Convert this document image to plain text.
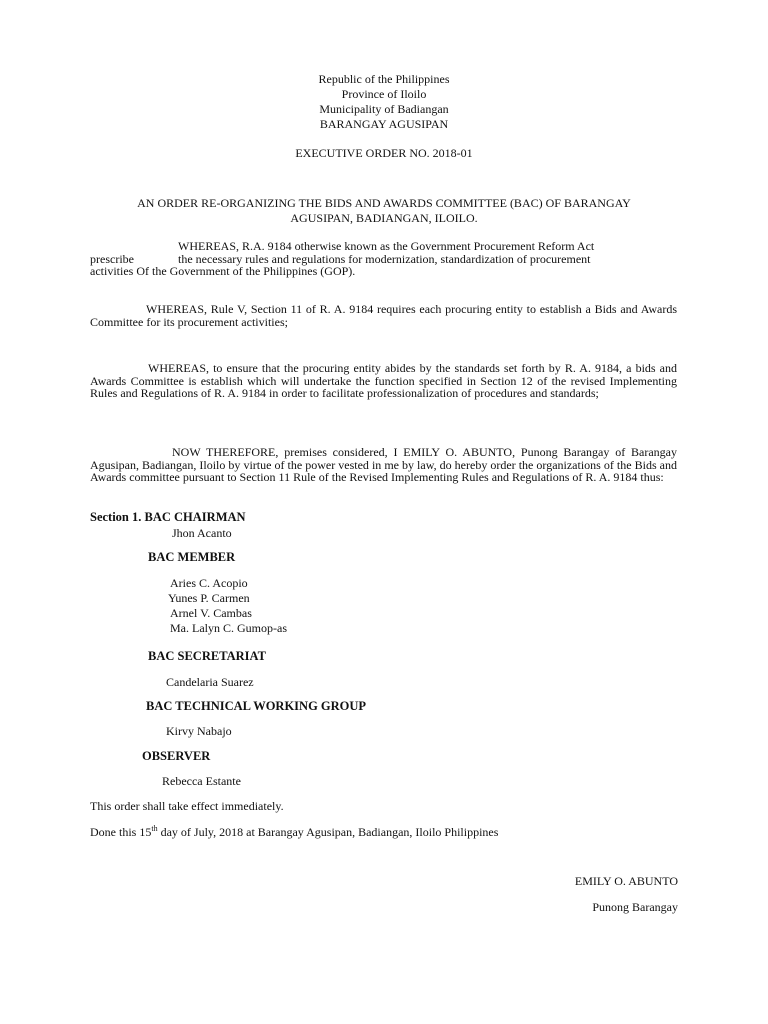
Republic of the Philippines
Province of Iloilo
Municipality of Badiangan
BARANGAY AGUSIPAN
EXECUTIVE ORDER NO. 2018-01
AN ORDER RE-ORGANIZING THE BIDS AND AWARDS COMMITTEE (BAC) OF BARANGAY
AGUSIPAN, BADIANGAN, ILOILO.
WHEREAS, R.A. 9184 otherwise known as the Government Procurement Reform Act
prescribe	the necessary rules and regulations for modernization, standardization of procurement
activities Of the Government of the Philippines (GOP).

WHEREAS, Rule V, Section 11 of R. A. 9184 requires each procuring entity to establish a Bids and Awards Committee for its procurement activities;

WHEREAS, to ensure that the procuring entity abides by the standards set forth by R. A. 9184, a bids and Awards Committee is establish which will undertake the function specified in Section 12 of the revised Implementing Rules and Regulations of R. A. 9184 in order to facilitate professionalization of procedures and standards;

NOW THEREFORE, premises considered, I EMILY O. ABUNTO, Punong Barangay of Barangay Agusipan, Badiangan, Iloilo by virtue of the power vested in me by law, do hereby order the organizations of the Bids and Awards committee pursuant to Section 11 Rule of the Revised Implementing Rules and Regulations of R. A. 9184 thus:

Section 1. BAC CHAIRMAN
Jhon Acanto
BAC MEMBER
Aries C. Acopio
Yunes P. Carmen
Arnel V. Cambas
Ma. Lalyn C. Gumop-as
BAC SECRETARIAT
Candelaria Suarez
BAC TECHNICAL WORKING GROUP
Kirvy Nabajo
OBSERVER
Rebecca Estante
This order shall take effect immediately.
Done this 15th day of July, 2018 at Barangay Agusipan, Badiangan, Iloilo Philippines
EMILY O. ABUNTO
Punong Barangay
